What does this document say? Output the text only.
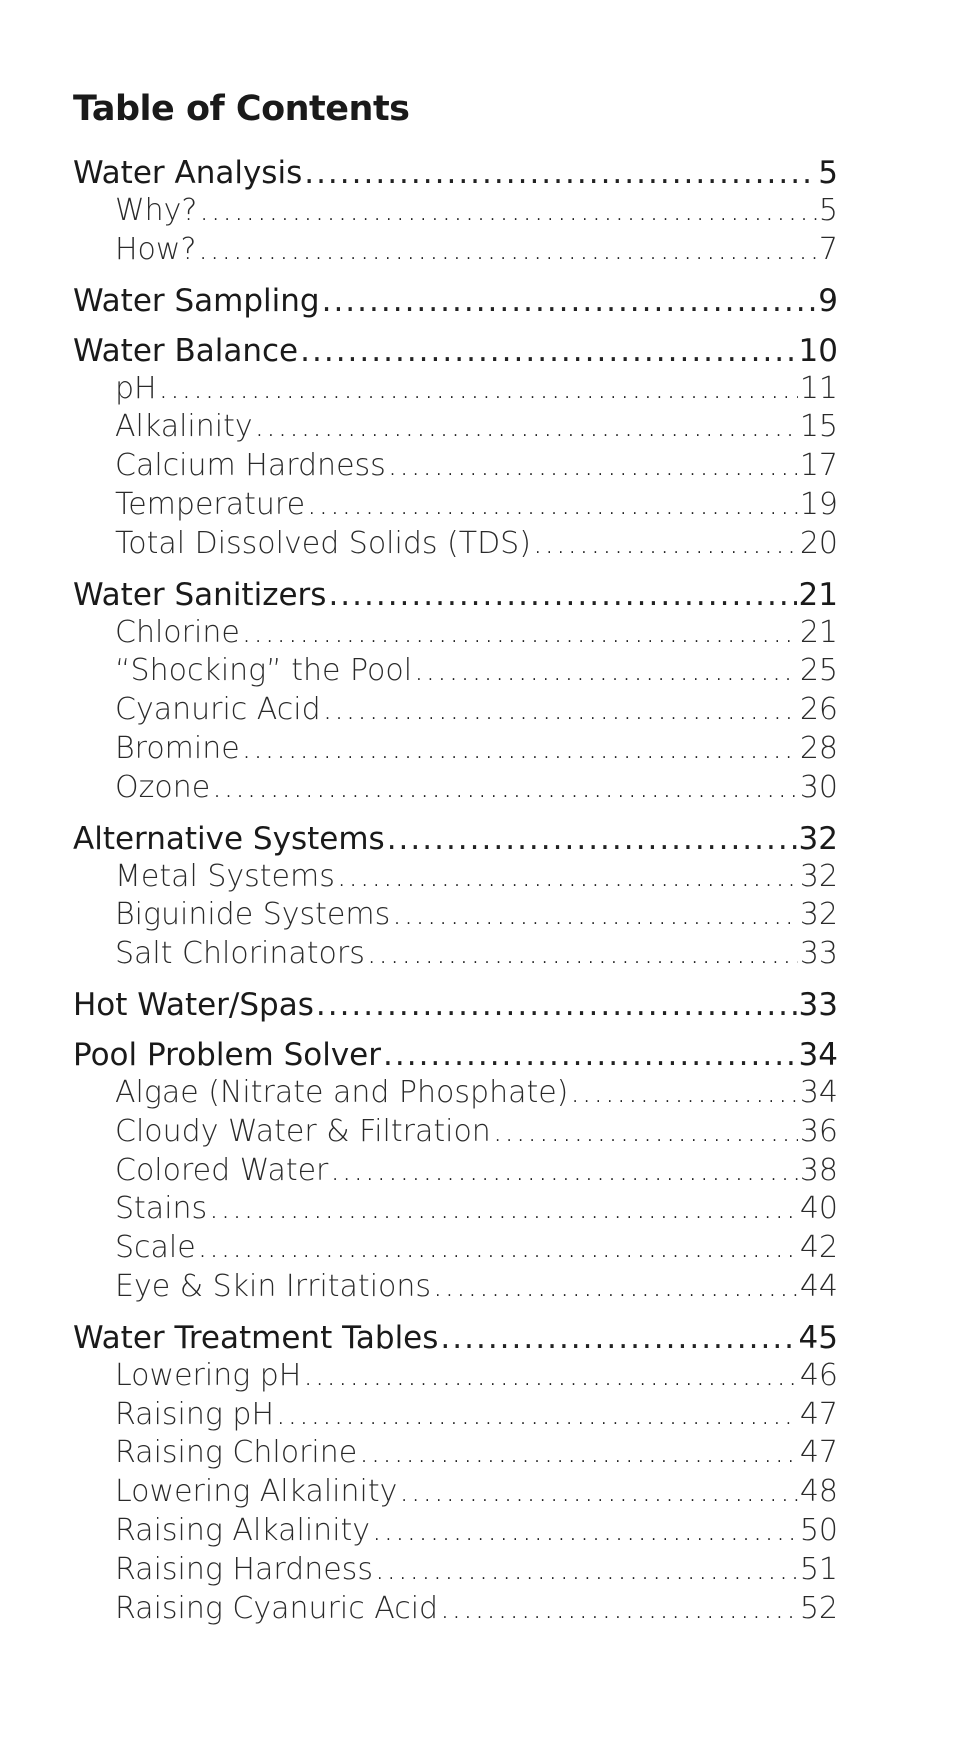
Table of Contents
Water Analysis .....	5
Why? .....	5
How? .....	7
Water Sampling .....	9
Water Balance .....	10
pH .....	11
Alkalinity .....	15
Calcium Hardness .....	17
Temperature .....	19
Total Dissolved Solids (TDS) .....	20
Water Sanitizers .....	21
Chlorine .....	21
“Shocking” the Pool .....	25
Cyanuric Acid .....	26
Bromine .....	28
Ozone .....	30
Alternative Systems .....	32
Metal Systems .....	32
Biguinide Systems .....	32
Salt Chlorinators .....	33
Hot Water/Spas .....	33
Pool Problem Solver .....	34
Algae (Nitrate and Phosphate) .....	34
Cloudy Water & Filtration .....	36
Colored Water .....	38
Stains .....	40
Scale .....	42
Eye & Skin Irritations .....	44
Water Treatment Tables .....	45
Lowering pH .....	46
Raising pH .....	47
Raising Chlorine .....	47
Lowering Alkalinity .....	48
Raising Alkalinity .....	50
Raising Hardness .....	51
Raising Cyanuric Acid .....	52
